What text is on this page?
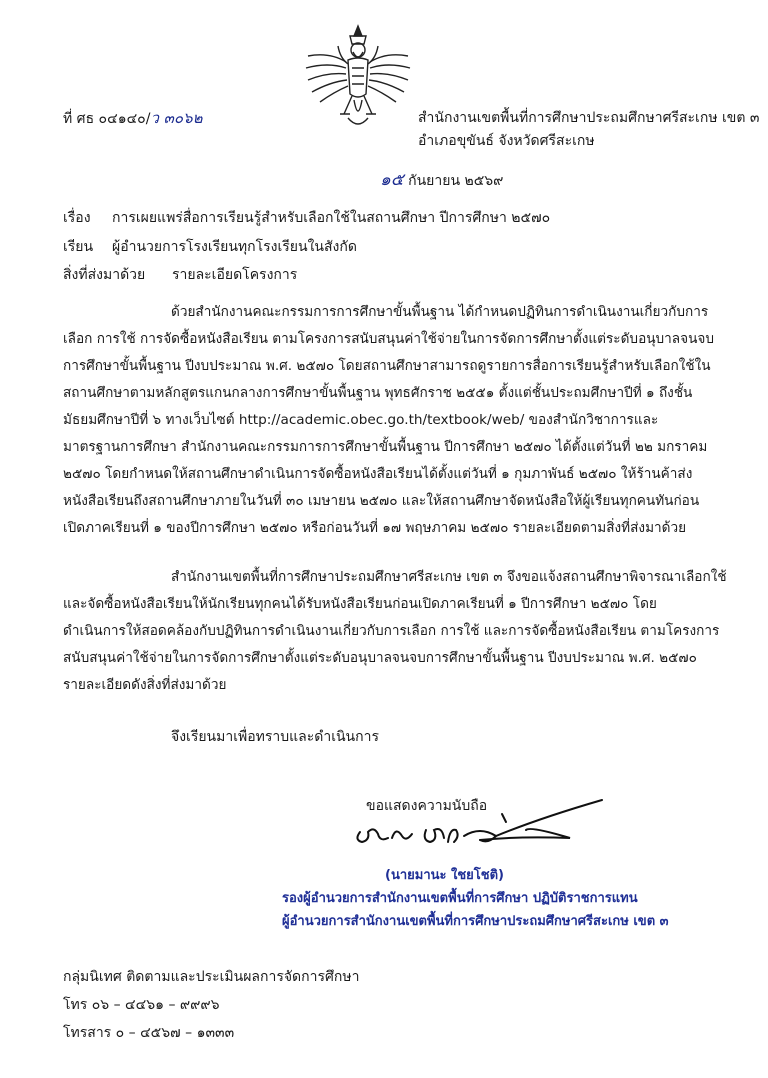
ที่ ศธ ๐๔๑๔๐/ว ๓๐๖๒	สำนักงานเขตพื้นที่การศึกษาประถมศึกษาศรีสะเกษ เขต ๓
อำเภอขุขันธ์ จังหวัดศรีสะเกษ
๑๕ กันยายน ๒๕๖๙
เรื่อง การเผยแพร่สื่อการเรียนรู้สำหรับเลือกใช้ในสถานศึกษา ปีการศึกษา ๒๕๗๐
เรียน ผู้อำนวยการโรงเรียนทุกโรงเรียนในสังกัด
สิ่งที่ส่งมาด้วย รายละเอียดโครงการ
ด้วยสำนักงานคณะกรรมการการศึกษาขั้นพื้นฐาน ได้กำหนดปฏิทินการดำเนินงานเกี่ยวกับการ
เลือก การใช้ การจัดซื้อหนังสือเรียน ตามโครงการสนับสนุนค่าใช้จ่ายในการจัดการศึกษาตั้งแต่ระดับอนุบาลจนจบ
การศึกษาขั้นพื้นฐาน ปีงบประมาณ พ.ศ. ๒๕๗๐ โดยสถานศึกษาสามารถดูรายการสื่อการเรียนรู้สำหรับเลือกใช้ใน
สถานศึกษาตามหลักสูตรแกนกลางการศึกษาขั้นพื้นฐาน พุทธศักราช ๒๕๕๑ ตั้งแต่ชั้นประถมศึกษาปีที่ ๑ ถึงชั้น
มัธยมศึกษาปีที่ ๖ ทางเว็บไซต์ http://academic.obec.go.th/textbook/web/ ของสำนักวิชาการและ
มาตรฐานการศึกษา สำนักงานคณะกรรมการการศึกษาขั้นพื้นฐาน ปีการศึกษา ๒๕๗๐ ได้ตั้งแต่วันที่ ๒๒ มกราคม
๒๕๗๐ โดยกำหนดให้สถานศึกษาดำเนินการจัดซื้อหนังสือเรียนได้ตั้งแต่วันที่ ๑ กุมภาพันธ์ ๒๕๗๐ ให้ร้านค้าส่ง
หนังสือเรียนถึงสถานศึกษาภายในวันที่ ๓๐ เมษายน ๒๕๗๐ และให้สถานศึกษาจัดหนังสือให้ผู้เรียนทุกคนทันก่อน
เปิดภาคเรียนที่ ๑ ของปีการศึกษา ๒๕๗๐ หรือก่อนวันที่ ๑๗ พฤษภาคม ๒๕๗๐ รายละเอียดตามสิ่งที่ส่งมาด้วย
สำนักงานเขตพื้นที่การศึกษาประถมศึกษาศรีสะเกษ เขต ๓ จึงขอแจ้งสถานศึกษาพิจารณาเลือกใช้
และจัดซื้อหนังสือเรียนให้นักเรียนทุกคนได้รับหนังสือเรียนก่อนเปิดภาคเรียนที่ ๑ ปีการศึกษา ๒๕๗๐ โดย
ดำเนินการให้สอดคล้องกับปฏิทินการดำเนินงานเกี่ยวกับการเลือก การใช้ และการจัดซื้อหนังสือเรียน ตามโครงการ
สนับสนุนค่าใช้จ่ายในการจัดการศึกษาตั้งแต่ระดับอนุบาลจนจบการศึกษาขั้นพื้นฐาน ปีงบประมาณ พ.ศ. ๒๕๗๐
รายละเอียดดังสิ่งที่ส่งมาด้วย
จึงเรียนมาเพื่อทราบและดำเนินการ
ขอแสดงความนับถือ
(นายมานะ ใชยโชติ)
รองผู้อำนวยการสำนักงานเขตพื้นที่การศึกษา ปฏิบัติราชการแทน
ผู้อำนวยการสำนักงานเขตพื้นที่การศึกษาประถมศึกษาศรีสะเกษ เขต ๓
กลุ่มนิเทศ ติดตามและประเมินผลการจัดการศึกษา
โทร ๐๖ – ๔๔๖๑ – ๙๙๙๖
โทรสาร ๐ – ๔๕๖๗ – ๑๓๓๓
